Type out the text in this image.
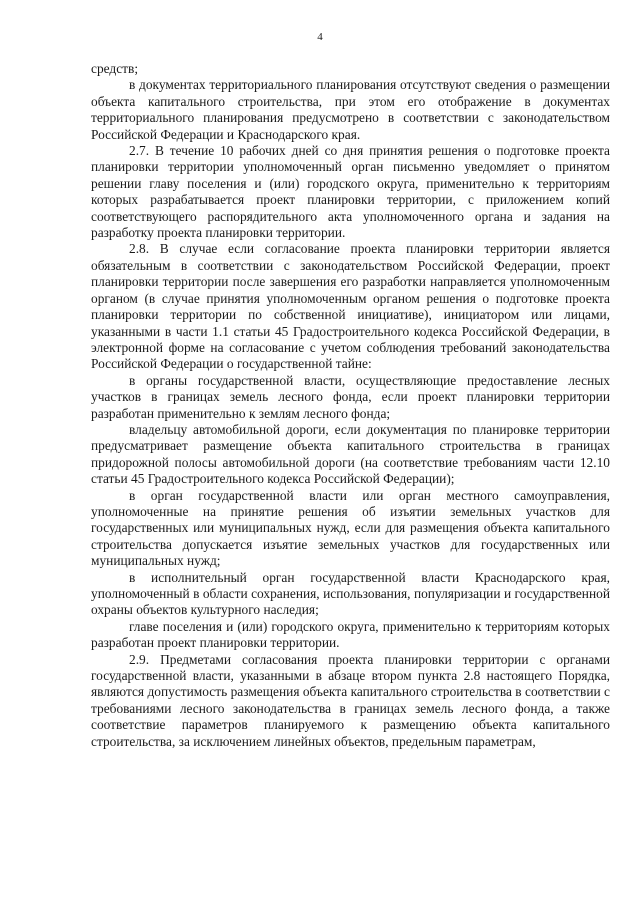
4

средств;

в документах территориального планирования отсутствуют сведения о размещении объекта капитального строительства, при этом его отображение в документах территориального планирования предусмотрено в соответствии с законодательством Российской Федерации и Краснодарского края.

2.7. В течение 10 рабочих дней со дня принятия решения о подготовке проекта планировки территории уполномоченный орган письменно уведомляет о принятом решении главу поселения и (или) городского округа, применительно к территориям которых разрабатывается проект планировки территории, с приложением копий соответствующего распорядительного акта уполномоченного органа и задания на разработку проекта планировки территории.

2.8. В случае если согласование проекта планировки территории является обязательным в соответствии с законодательством Российской Федерации, проект планировки территории после завершения его разработки направляется уполномоченным органом (в случае принятия уполномоченным органом решения о подготовке проекта планировки территории по собственной инициативе), инициатором или лицами, указанными в части 1.1 статьи 45 Градостроительного кодекса Российской Федерации, в электронной форме на согласование с учетом соблюдения требований законодательства Российской Федерации о государственной тайне:

в органы государственной власти, осуществляющие предоставление лесных участков в границах земель лесного фонда, если проект планировки территории разработан применительно к землям лесного фонда;

владельцу автомобильной дороги, если документация по планировке территории предусматривает размещение объекта капитального строительства в границах придорожной полосы автомобильной дороги (на соответствие требованиям части 12.10 статьи 45 Градостроительного кодекса Российской Федерации);

в орган государственной власти или орган местного самоуправления, уполномоченные на принятие решения об изъятии земельных участков для государственных или муниципальных нужд, если для размещения объекта капитального строительства допускается изъятие земельных участков для государственных или муниципальных нужд;

в исполнительный орган государственной власти Краснодарского края, уполномоченный в области сохранения, использования, популяризации и государственной охраны объектов культурного наследия;

главе поселения и (или) городского округа, применительно к территориям которых разработан проект планировки территории.

2.9. Предметами согласования проекта планировки территории с органами государственной власти, указанными в абзаце втором пункта 2.8 настоящего Порядка, являются допустимость размещения объекта капитального строительства в соответствии с требованиями лесного законодательства в границах земель лесного фонда, а также соответствие параметров планируемого к размещению объекта капитального строительства, за исключением линейных объектов, предельным параметрам,
